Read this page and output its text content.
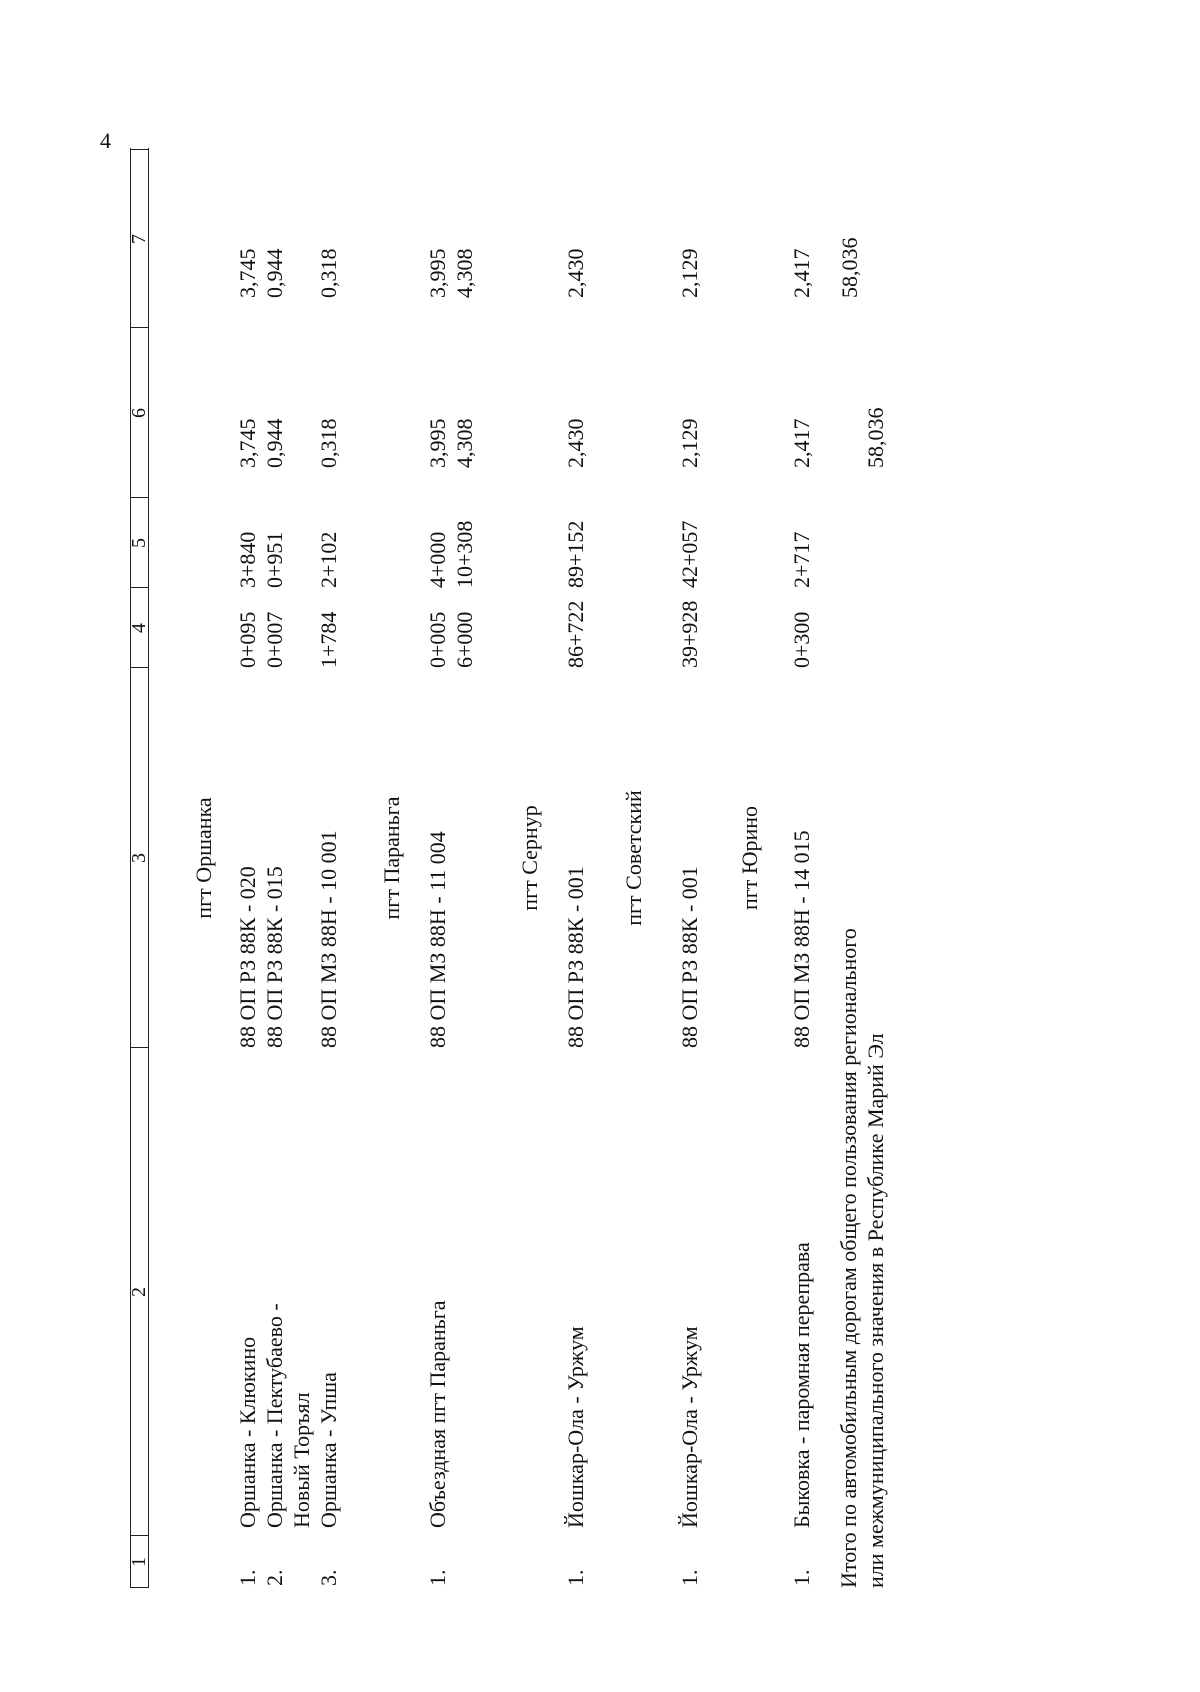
4
1
2
3
4
5
6
7
пгт Оршанка
1.
Оршанка - Клюкино
88 ОП РЗ 88К - 020
0+095
3+840
3,745
3,745
2.
Оршанка - Пектубаево - Новый Торъял
88 ОП РЗ 88К - 015
0+007
0+951
0,944
0,944
3.
Оршанка - Упша
88 ОП МЗ 88Н - 10 001
1+784
2+102
0,318
0,318
пгт Параньга
1.
Объездная пгт Параньга
88 ОП МЗ 88Н - 11 004
0+005
4+000
3,995
3,995
6+000
10+308
4,308
4,308
пгт Сернур
1.
Йошкар-Ола - Уржум
88 ОП РЗ 88К - 001
86+722
89+152
2,430
2,430
пгт Советский
1.
Йошкар-Ола - Уржум
88 ОП РЗ 88К - 001
39+928
42+057
2,129
2,129
пгт Юрино
1.
Быковка - паромная переправа
88 ОП МЗ 88Н - 14 015
0+300
2+717
2,417
2,417
Итого по автомобильным дорогам общего пользования регионального или межмуниципального значения в Республике Марий Эл
58,036
58,036
